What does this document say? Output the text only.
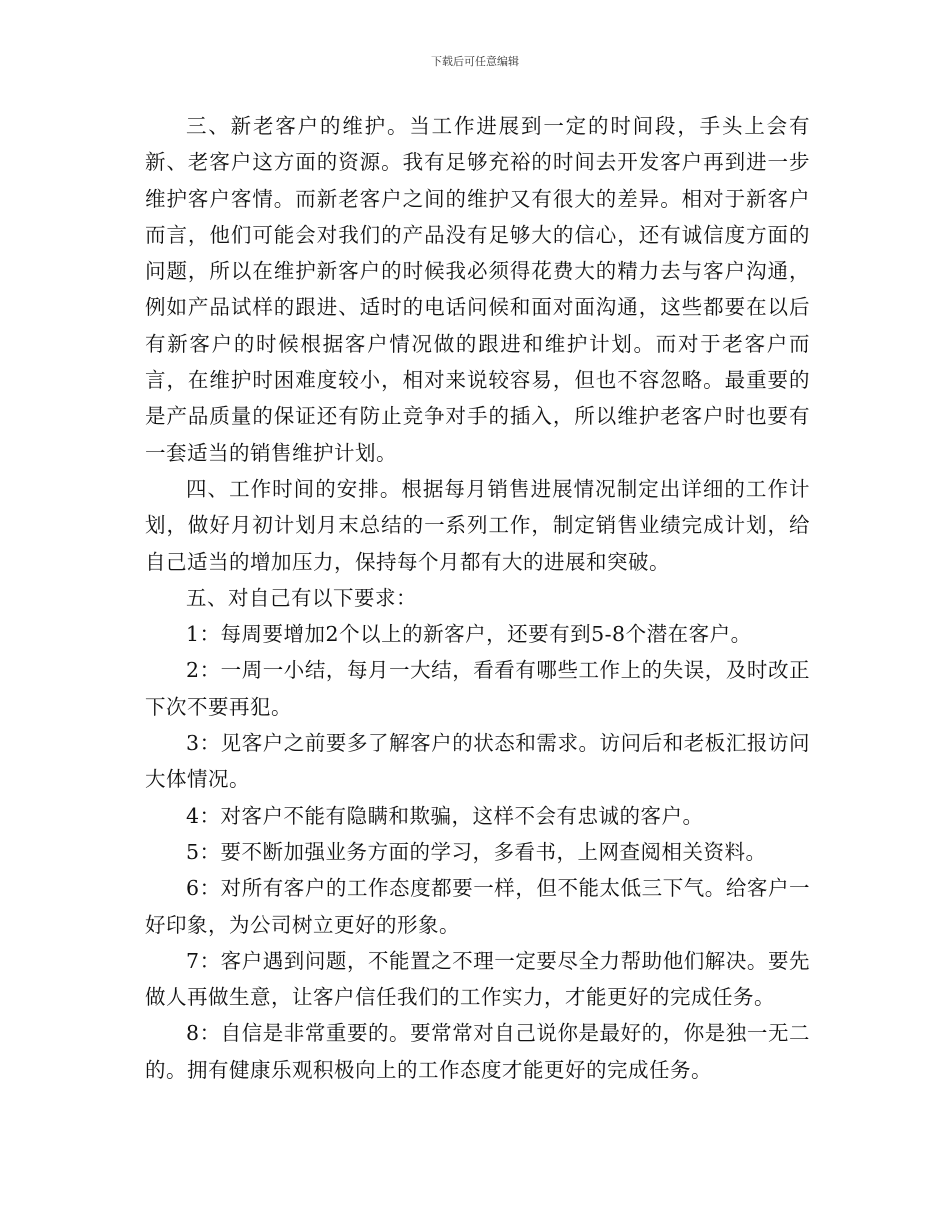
下载后可任意编辑

三、新老客户的维护。当工作进展到一定的时间段，手头上会有新、老客户这方面的资源。我有足够充裕的时间去开发客户再到进一步维护客户客情。而新老客户之间的维护又有很大的差异。相对于新客户而言，他们可能会对我们的产品没有足够大的信心，还有诚信度方面的问题，所以在维护新客户的时候我必须得花费大的精力去与客户沟通，例如产品试样的跟进、适时的电话问候和面对面沟通，这些都要在以后有新客户的时候根据客户情况做的跟进和维护计划。而对于老客户而言，在维护时困难度较小，相对来说较容易，但也不容忽略。最重要的是产品质量的保证还有防止竞争对手的插入，所以维护老客户时也要有一套适当的销售维护计划。

四、工作时间的安排。根据每月销售进展情况制定出详细的工作计划，做好月初计划月末总结的一系列工作，制定销售业绩完成计划，给自己适当的增加压力，保持每个月都有大的进展和突破。

五、对自己有以下要求：

1：每周要增加2个以上的新客户，还要有到5-8个潜在客户。

2：一周一小结，每月一大结，看看有哪些工作上的失误，及时改正下次不要再犯。

3：见客户之前要多了解客户的状态和需求。访问后和老板汇报访问大体情况。

4：对客户不能有隐瞒和欺骗，这样不会有忠诚的客户。

5：要不断加强业务方面的学习，多看书，上网查阅相关资料。

6：对所有客户的工作态度都要一样，但不能太低三下气。给客户一好印象，为公司树立更好的形象。

7：客户遇到问题，不能置之不理一定要尽全力帮助他们解决。要先做人再做生意，让客户信任我们的工作实力，才能更好的完成任务。

8：自信是非常重要的。要常常对自己说你是最好的，你是独一无二的。拥有健康乐观积极向上的工作态度才能更好的完成任务。
